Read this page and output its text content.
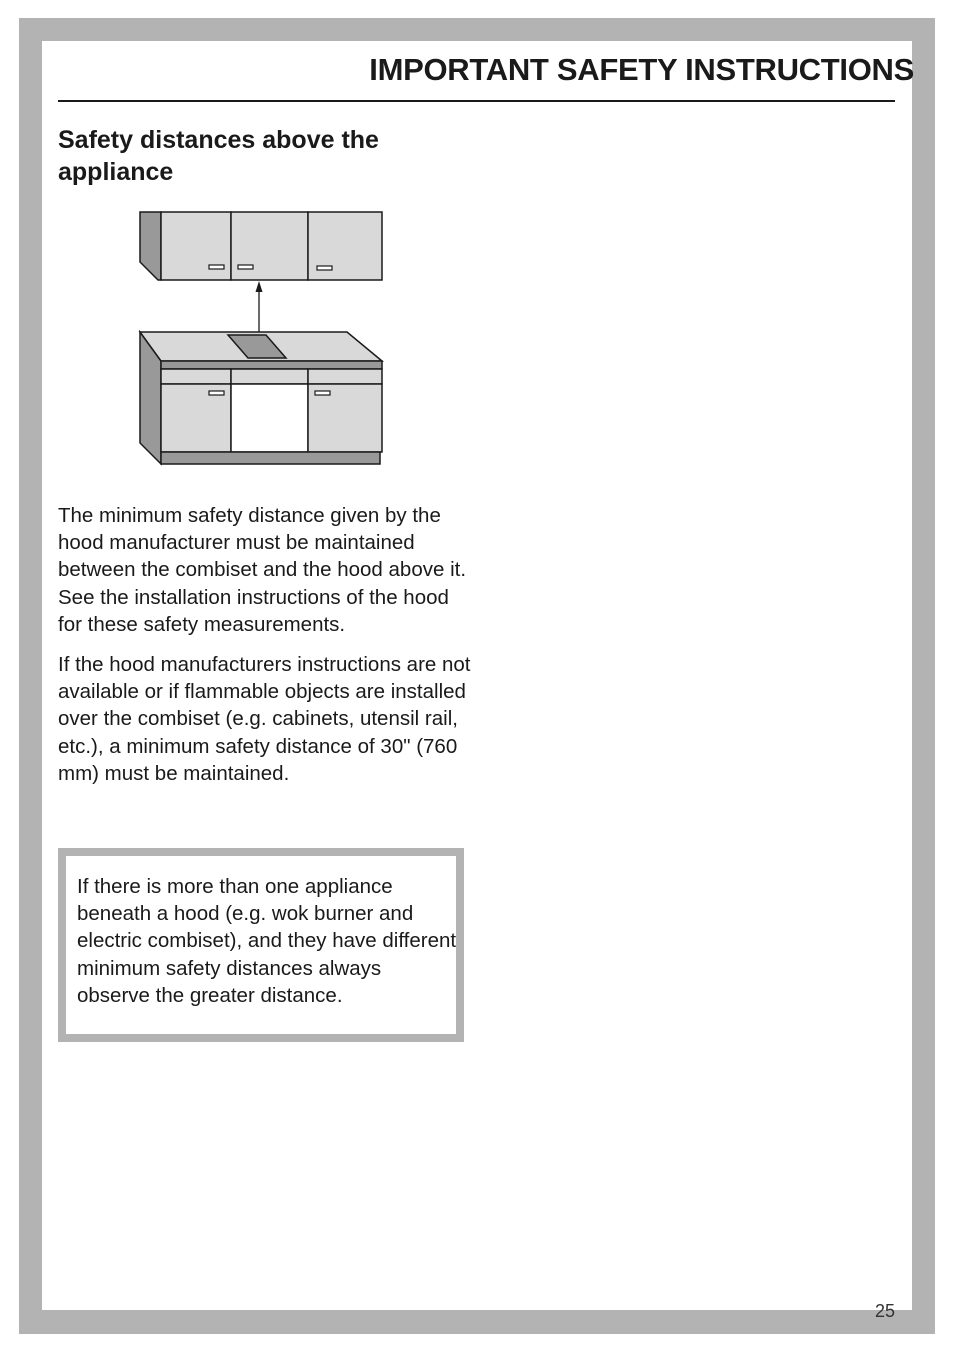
IMPORTANT SAFETY INSTRUCTIONS
Safety distances above the appliance

The minimum safety distance given by the hood manufacturer must be maintained between the combiset and the hood above it. See the installation instructions of the hood for these safety measurements.

If the hood manufacturers instructions are not available or if flammable objects are installed over the combiset (e.g. cabinets, utensil rail, etc.), a minimum safety distance of 30" (760 mm) must be maintained.

If there is more than one appliance beneath a hood (e.g. wok burner and electric combiset), and they have different minimum safety distances always observe the greater distance.

25
